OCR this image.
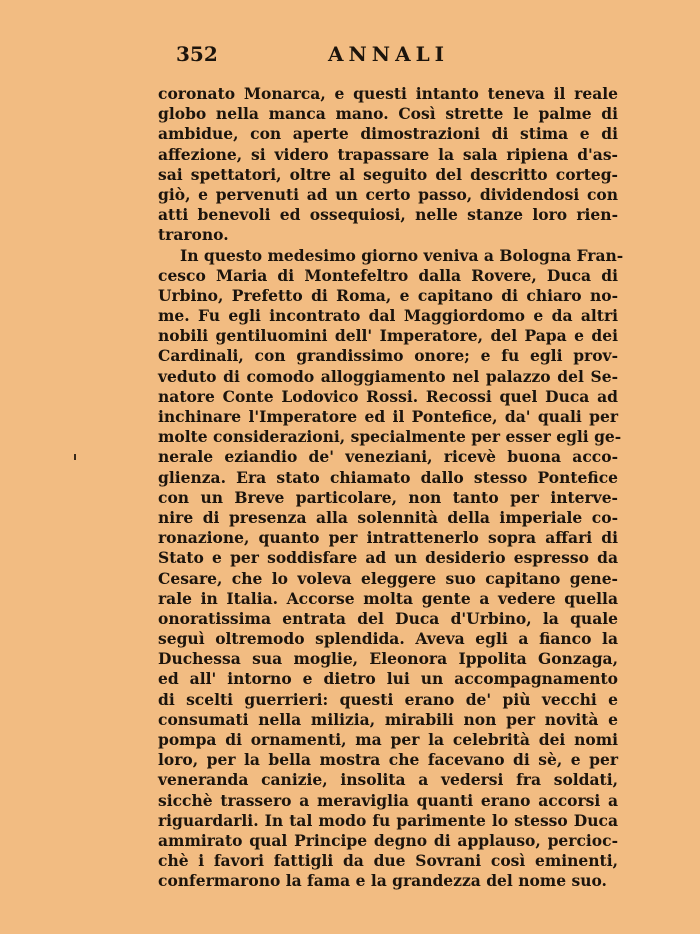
352	ANNALI
coronato Monarca, e questi intanto teneva il reale
globo nella manca mano. Così strette le palme di
ambidue, con aperte dimostrazioni di stima e di
affezione, si videro trapassare la sala ripiena d'as-
sai spettatori, oltre al seguito del descritto corteg-
giò, e pervenuti ad un certo passo, dividendosi con
atti benevoli ed ossequiosi, nelle stanze loro rien-
trarono.
In questo medesimo giorno veniva a Bologna Fran-
cesco Maria di Montefeltro dalla Rovere, Duca di
Urbino, Prefetto di Roma, e capitano di chiaro no-
me. Fu egli incontrato dal Maggiordomo e da altri
nobili gentiluomini dell' Imperatore, del Papa e dei
Cardinali, con grandissimo onore; e fu egli prov-
veduto di comodo alloggiamento nel palazzo del Se-
natore Conte Lodovico Rossi. Recossi quel Duca ad
inchinare l'Imperatore ed il Pontefice, da' quali per
molte considerazioni, specialmente per esser egli ge-
nerale eziandio de' veneziani, ricevè buona acco-
glienza. Era stato chiamato dallo stesso Pontefice
con un Breve particolare, non tanto per interve-
nire di presenza alla solennità della imperiale co-
ronazione, quanto per intrattenerlo sopra affari di
Stato e per soddisfare ad un desiderio espresso da
Cesare, che lo voleva eleggere suo capitano gene-
rale in Italia. Accorse molta gente a vedere quella
onoratissima entrata del Duca d'Urbino, la quale
seguì oltremodo splendida. Aveva egli a fianco la
Duchessa sua moglie, Eleonora Ippolita Gonzaga,
ed all' intorno e dietro lui un accompagnamento
di scelti guerrieri: questi erano de' più vecchi e
consumati nella milizia, mirabili non per novità e
pompa di ornamenti, ma per la celebrità dei nomi
loro, per la bella mostra che facevano di sè, e per
veneranda canizie, insolita a vedersi fra soldati,
sicchè trassero a meraviglia quanti erano accorsi a
riguardarli. In tal modo fu parimente lo stesso Duca
ammirato qual Principe degno di applauso, percioc-
chè i favori fattigli da due Sovrani così eminenti,
confermarono la fama e la grandezza del nome suo.
